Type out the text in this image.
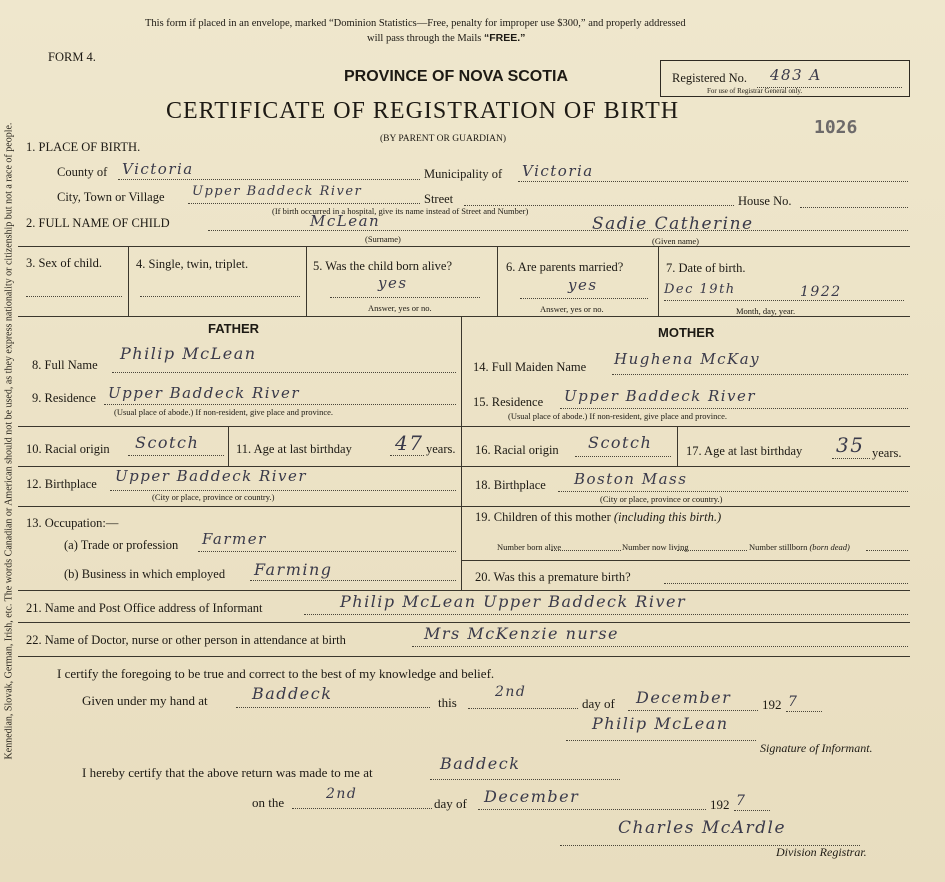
Kennedian, Slovak, German, Irish, etc. The words Canadian or American should not be used, as they express nationality or citizenship but not a race of people.
This form if placed in an envelope, marked “Dominion Statistics—Free, penalty for improper use $300,” and properly addressed
will pass through the Mails “FREE.”
FORM 4.
PROVINCE OF NOVA SCOTIA
CERTIFICATE OF REGISTRATION OF BIRTH
(BY PARENT OR GUARDIAN)
Registered No. 483 A
For use of Registrar General only.
1026
1. PLACE OF BIRTH.
County of Victoria	Municipality of Victoria
City, Town or Village Upper Baddeck River	Street	House No.
(If birth occurred in a hospital, give its name instead of Street and Number)
2. FULL NAME OF CHILD	McLean
(Surname)
Sadie Catherine
(Given name)
3. Sex of child.	4. Single, twin, triplet.	5. Was the child born alive?
yes
Answer, yes or no.
6. Are parents married?
yes
Answer, yes or no.
7. Date of birth.
Dec 19th	1922
Month, day, year.
FATHER	MOTHER
8. Full Name
Philip McLean
9. Residence Upper Baddeck River
(Usual place of abode.) If non-resident, give place and province.
10. Racial origin Scotch	11. Age at last birthday 47 years.
12. Birthplace Upper Baddeck River
(City or place, province or country.)
13. Occupation:—
(a) Trade or profession Farmer
(b) Business in which employed Farming
14. Full Maiden Name Hughena McKay
15. Residence Upper Baddeck River
(Usual place of abode.) If non-resident, give place and province.
16. Racial origin Scotch	17. Age at last birthday 35 years.
18. Birthplace Boston Mass
(City or place, province or country.)
19. Children of this mother (including this birth.)
Number born alive	Number now living	Number stillborn (born dead)
20. Was this a premature birth?
21. Name and Post Office address of Informant	Philip McLean Upper Baddeck River
22. Name of Doctor, nurse or other person in attendance at birth	Mrs McKenzie nurse
I certify the foregoing to be true and correct to the best of my knowledge and belief.
Given under my hand at	Baddeck	this
2nd
day of December 192 7
Philip McLean
Signature of Informant.
I hereby certify that the above return was made to me at	Baddeck
on the
2nd
day of December	192 7
Charles McArdle
Division Registrar.
